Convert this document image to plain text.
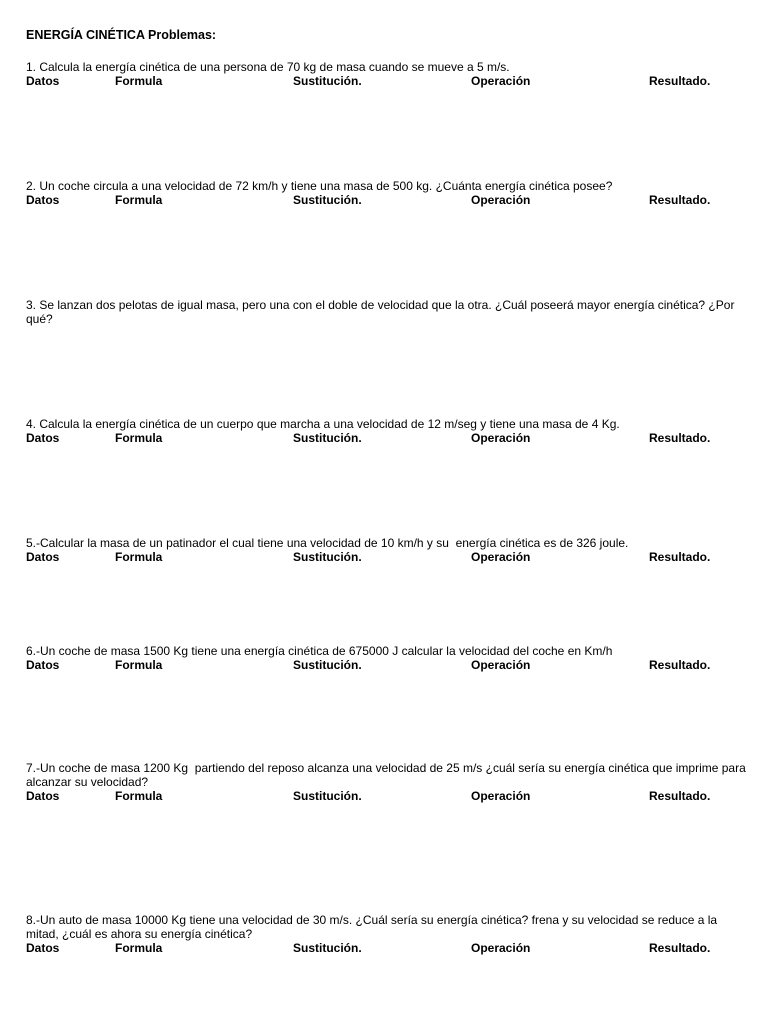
ENERGÍA CINÉTICA Problemas:
1. Calcula la energía cinética de una persona de 70 kg de masa cuando se mueve a 5 m/s.
Datos	Formula	Sustitución.	Operación	Resultado.
2. Un coche circula a una velocidad de 72 km/h y tiene una masa de 500 kg. ¿Cuánta energía cinética posee?
Datos	Formula	Sustitución.	Operación	Resultado.
3. Se lanzan dos pelotas de igual masa, pero una con el doble de velocidad que la otra. ¿Cuál poseerá mayor energía cinética? ¿Por qué?
4. Calcula la energía cinética de un cuerpo que marcha a una velocidad de 12 m/seg y tiene una masa de 4 Kg.
Datos	Formula	Sustitución.	Operación	Resultado.
5.-Calcular la masa de un patinador el cual tiene una velocidad de 10 km/h y su  energía cinética es de 326 joule.
Datos	Formula	Sustitución.	Operación	Resultado.
6.-Un coche de masa 1500 Kg tiene una energía cinética de 675000 J calcular la velocidad del coche en Km/h
Datos	Formula	Sustitución.	Operación	Resultado.
7.-Un coche de masa 1200 Kg  partiendo del reposo alcanza una velocidad de 25 m/s ¿cuál sería su energía cinética que imprime para alcanzar su velocidad?
Datos	Formula	Sustitución.	Operación	Resultado.
8.-Un auto de masa 10000 Kg tiene una velocidad de 30 m/s. ¿Cuál sería su energía cinética? frena y su velocidad se reduce a la mitad, ¿cuál es ahora su energía cinética?
Datos	Formula	Sustitución.	Operación	Resultado.
